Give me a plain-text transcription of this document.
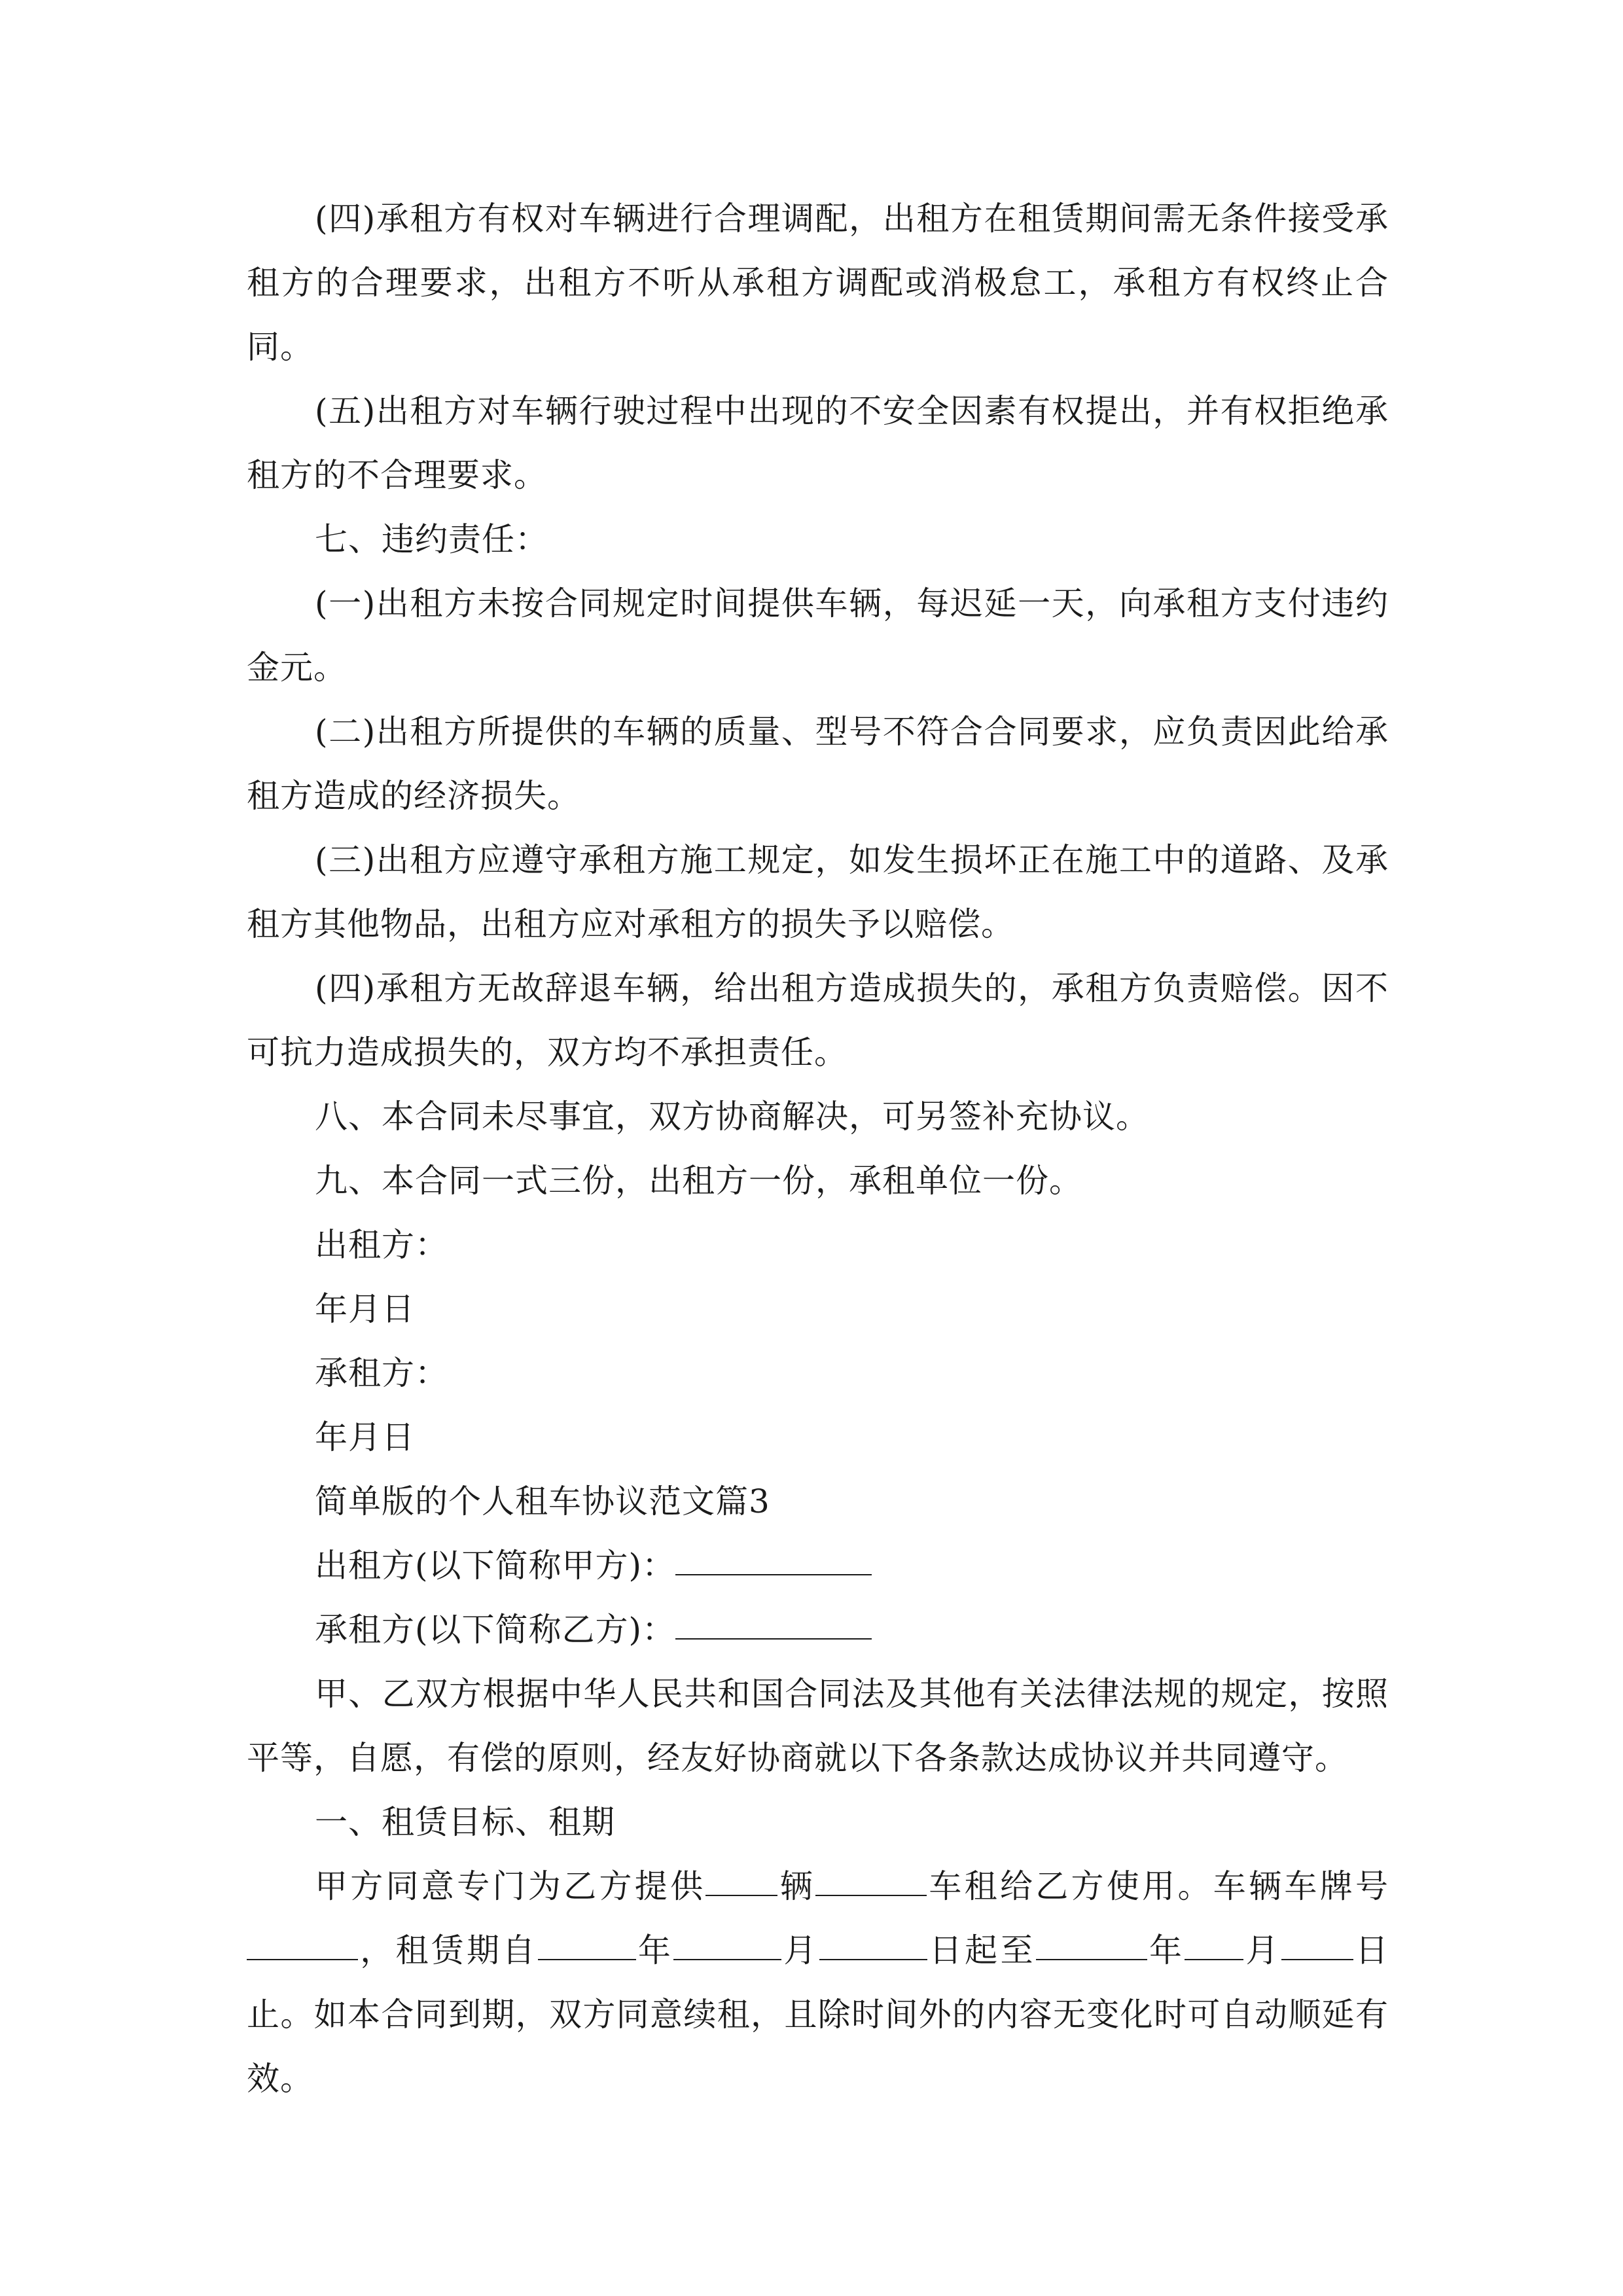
(四)承租方有权对车辆进行合理调配，出租方在租赁期间需无条件接受承租方的合理要求，出租方不听从承租方调配或消极怠工，承租方有权终止合同。

(五)出租方对车辆行驶过程中出现的不安全因素有权提出，并有权拒绝承租方的不合理要求。

七、违约责任：

(一)出租方未按合同规定时间提供车辆，每迟延一天，向承租方支付违约金元。

(二)出租方所提供的车辆的质量、型号不符合合同要求，应负责因此给承租方造成的经济损失。

(三)出租方应遵守承租方施工规定，如发生损坏正在施工中的道路、及承租方其他物品，出租方应对承租方的损失予以赔偿。

(四)承租方无故辞退车辆，给出租方造成损失的，承租方负责赔偿。因不可抗力造成损失的，双方均不承担责任。

八、本合同未尽事宜，双方协商解决，可另签补充协议。

九、本合同一式三份，出租方一份，承租单位一份。

出租方：

年月日

承租方：

年月日

简单版的个人租车协议范文篇3

出租方(以下简称甲方)：

承租方(以下简称乙方)：

甲、乙双方根据中华人民共和国合同法及其他有关法律法规的规定，按照平等，自愿，有偿的原则，经友好协商就以下各条款达成协议并共同遵守。

一、租赁目标、租期

甲方同意专门为乙方提供 辆	车租给乙方使用。车辆车牌号，租赁期自	年	月	日起至	年 月 日止。如本合同到期，双方同意续租，且除时间外的内容无变化时可自动顺延有效。
